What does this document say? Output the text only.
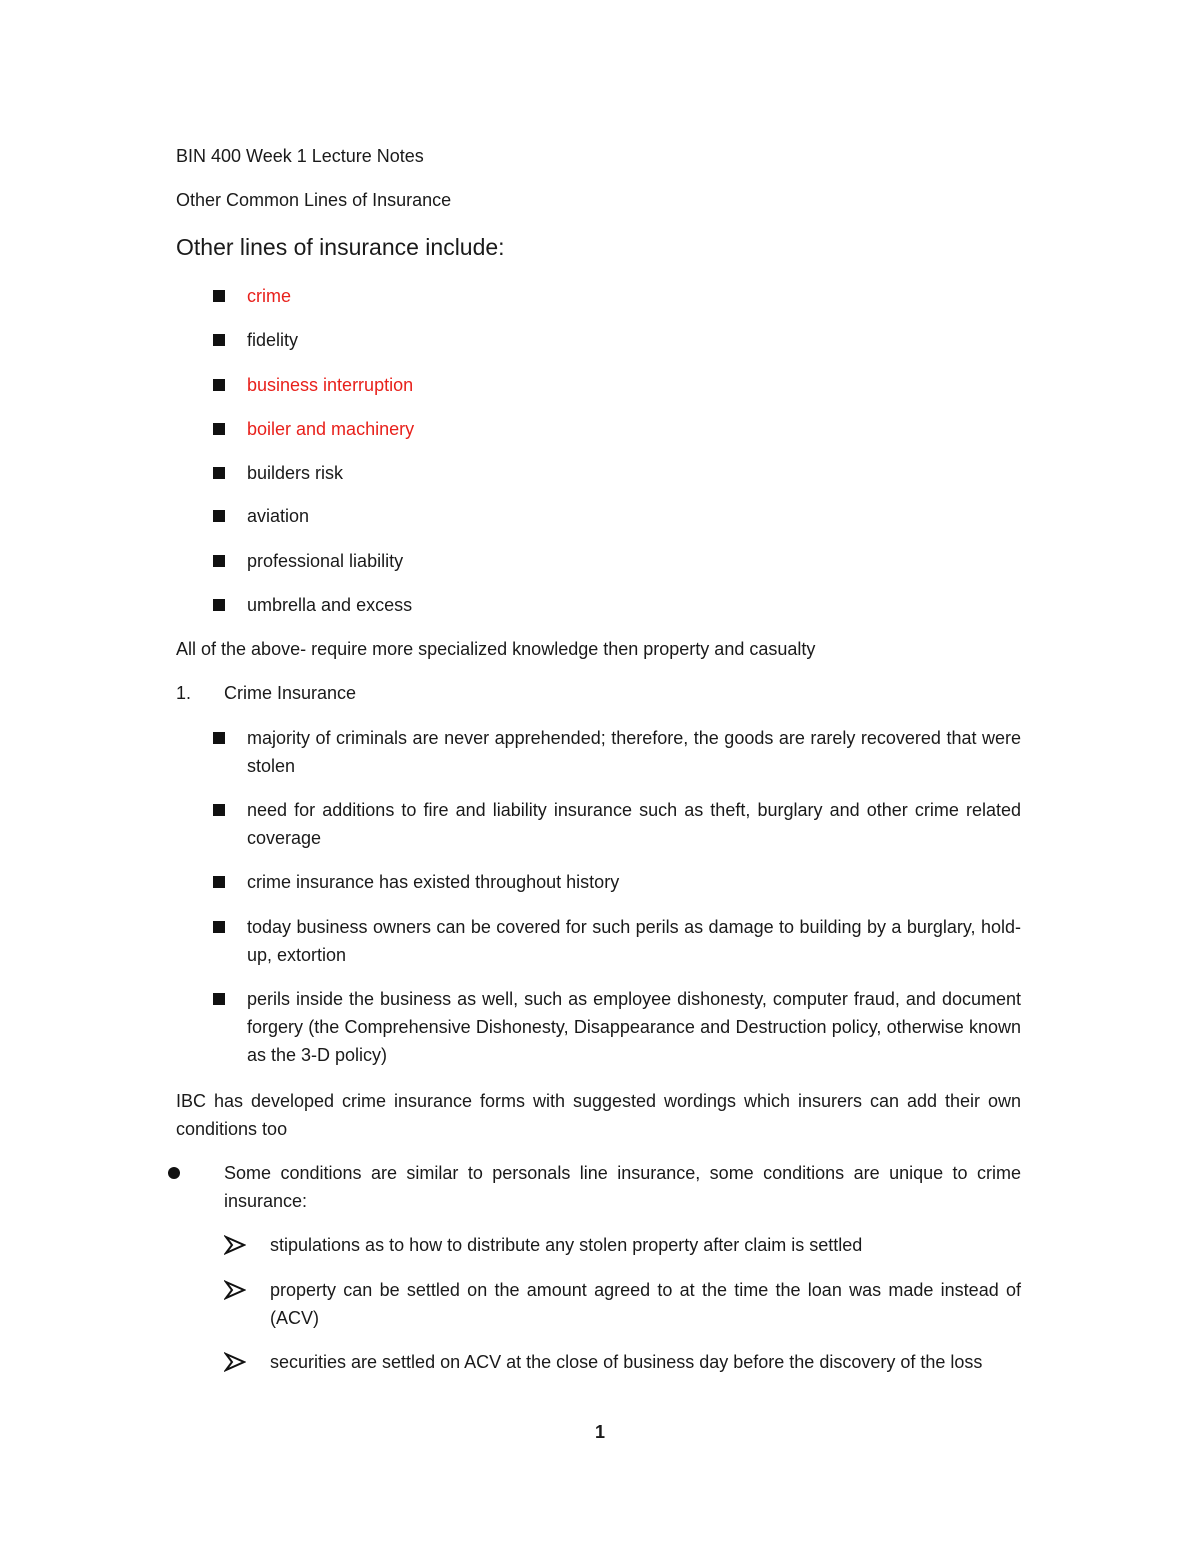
BIN 400 Week 1 Lecture Notes
Other Common Lines of Insurance
Other lines of insurance include:
crime
fidelity
business interruption
boiler and machinery
builders risk
aviation
professional liability
umbrella and excess
All of the above- require more specialized knowledge then property and casualty
1. Crime Insurance
majority of criminals are never apprehended; therefore, the goods are rarely recovered that were stolen
need for additions to fire and liability insurance such as theft, burglary and other crime related coverage
crime insurance has existed throughout history
today business owners can be covered for such perils as damage to building by a burglary, hold-up, extortion
perils inside the business as well, such as employee dishonesty, computer fraud, and document forgery (the Comprehensive Dishonesty, Disappearance and Destruction policy, otherwise known as the 3-D policy)
IBC has developed crime insurance forms with suggested wordings which insurers can add their own conditions too
Some conditions are similar to personals line insurance, some conditions are unique to crime insurance:
stipulations as to how to distribute any stolen property after claim is settled
property can be settled on the amount agreed to at the time the loan was made instead of (ACV)
securities are settled on ACV at the close of business day before the discovery of the loss
1
